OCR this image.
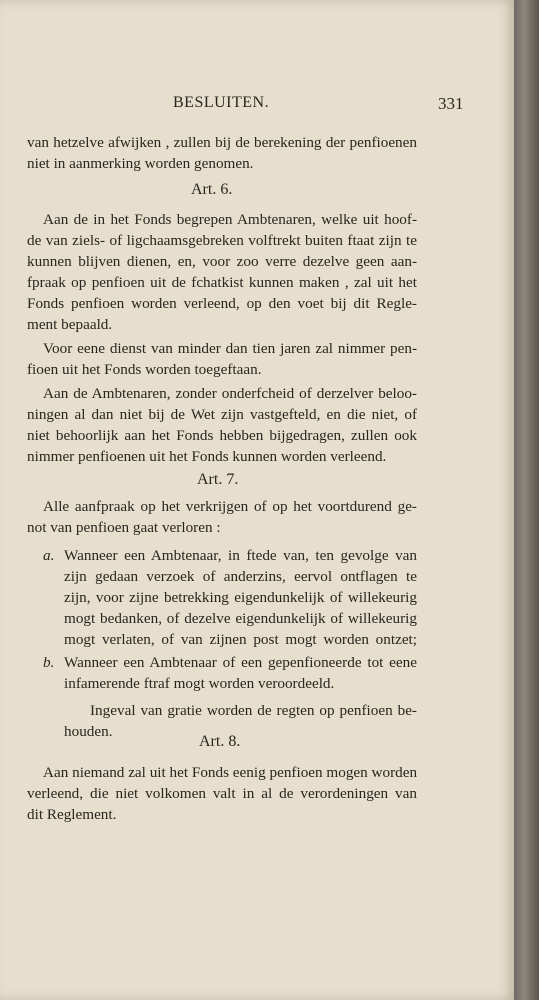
BESLUITEN.	331
van hetzelve afwijken , zullen bij de berekening der penfioenen
niet in aanmerking worden genomen.
Art. 6.
Aan de in het Fonds begrepen Ambtenaren, welke uit hoof-
de van ziels- of ligchaamsgebreken volftrekt buiten ftaat zijn te
kunnen blijven dienen, en, voor zoo verre dezelve geen aan-
fpraak op penfioen uit de fchatkist kunnen maken , zal uit het
Fonds penfioen worden verleend, op den voet bij dit Regle-
ment bepaald.
Voor eene dienst van minder dan tien jaren zal nimmer pen-
fioen uit het Fonds worden toegeftaan.
Aan de Ambtenaren, zonder onderfcheid of derzelver beloo-
ningen al dan niet bij de Wet zijn vastgefteld, en die niet, of
niet behoorlijk aan het Fonds hebben bijgedragen, zullen ook
nimmer penfioenen uit het Fonds kunnen worden verleend.
Art. 7.
Alle aanfpraak op het verkrijgen of op het voortdurend ge-
not van penfioen gaat verloren :
a. Wanneer een Ambtenaar, in ftede van, ten gevolge van
zijn gedaan verzoek of anderzins, eervol ontflagen te
zijn, voor zijne betrekking eigendunkelijk of willekeurig
mogt bedanken, of dezelve eigendunkelijk of willekeurig
mogt verlaten, of van zijnen post mogt worden ontzet;
b. Wanneer een Ambtenaar of een gepenfioneerde tot eene
infamerende ftraf mogt worden veroordeeld.
Ingeval van gratie worden de regten op penfioen be-
houden.
Art. 8.
Aan niemand zal uit het Fonds eenig penfioen mogen worden
verleend, die niet volkomen valt in al de verordeningen van
dit Reglement.
